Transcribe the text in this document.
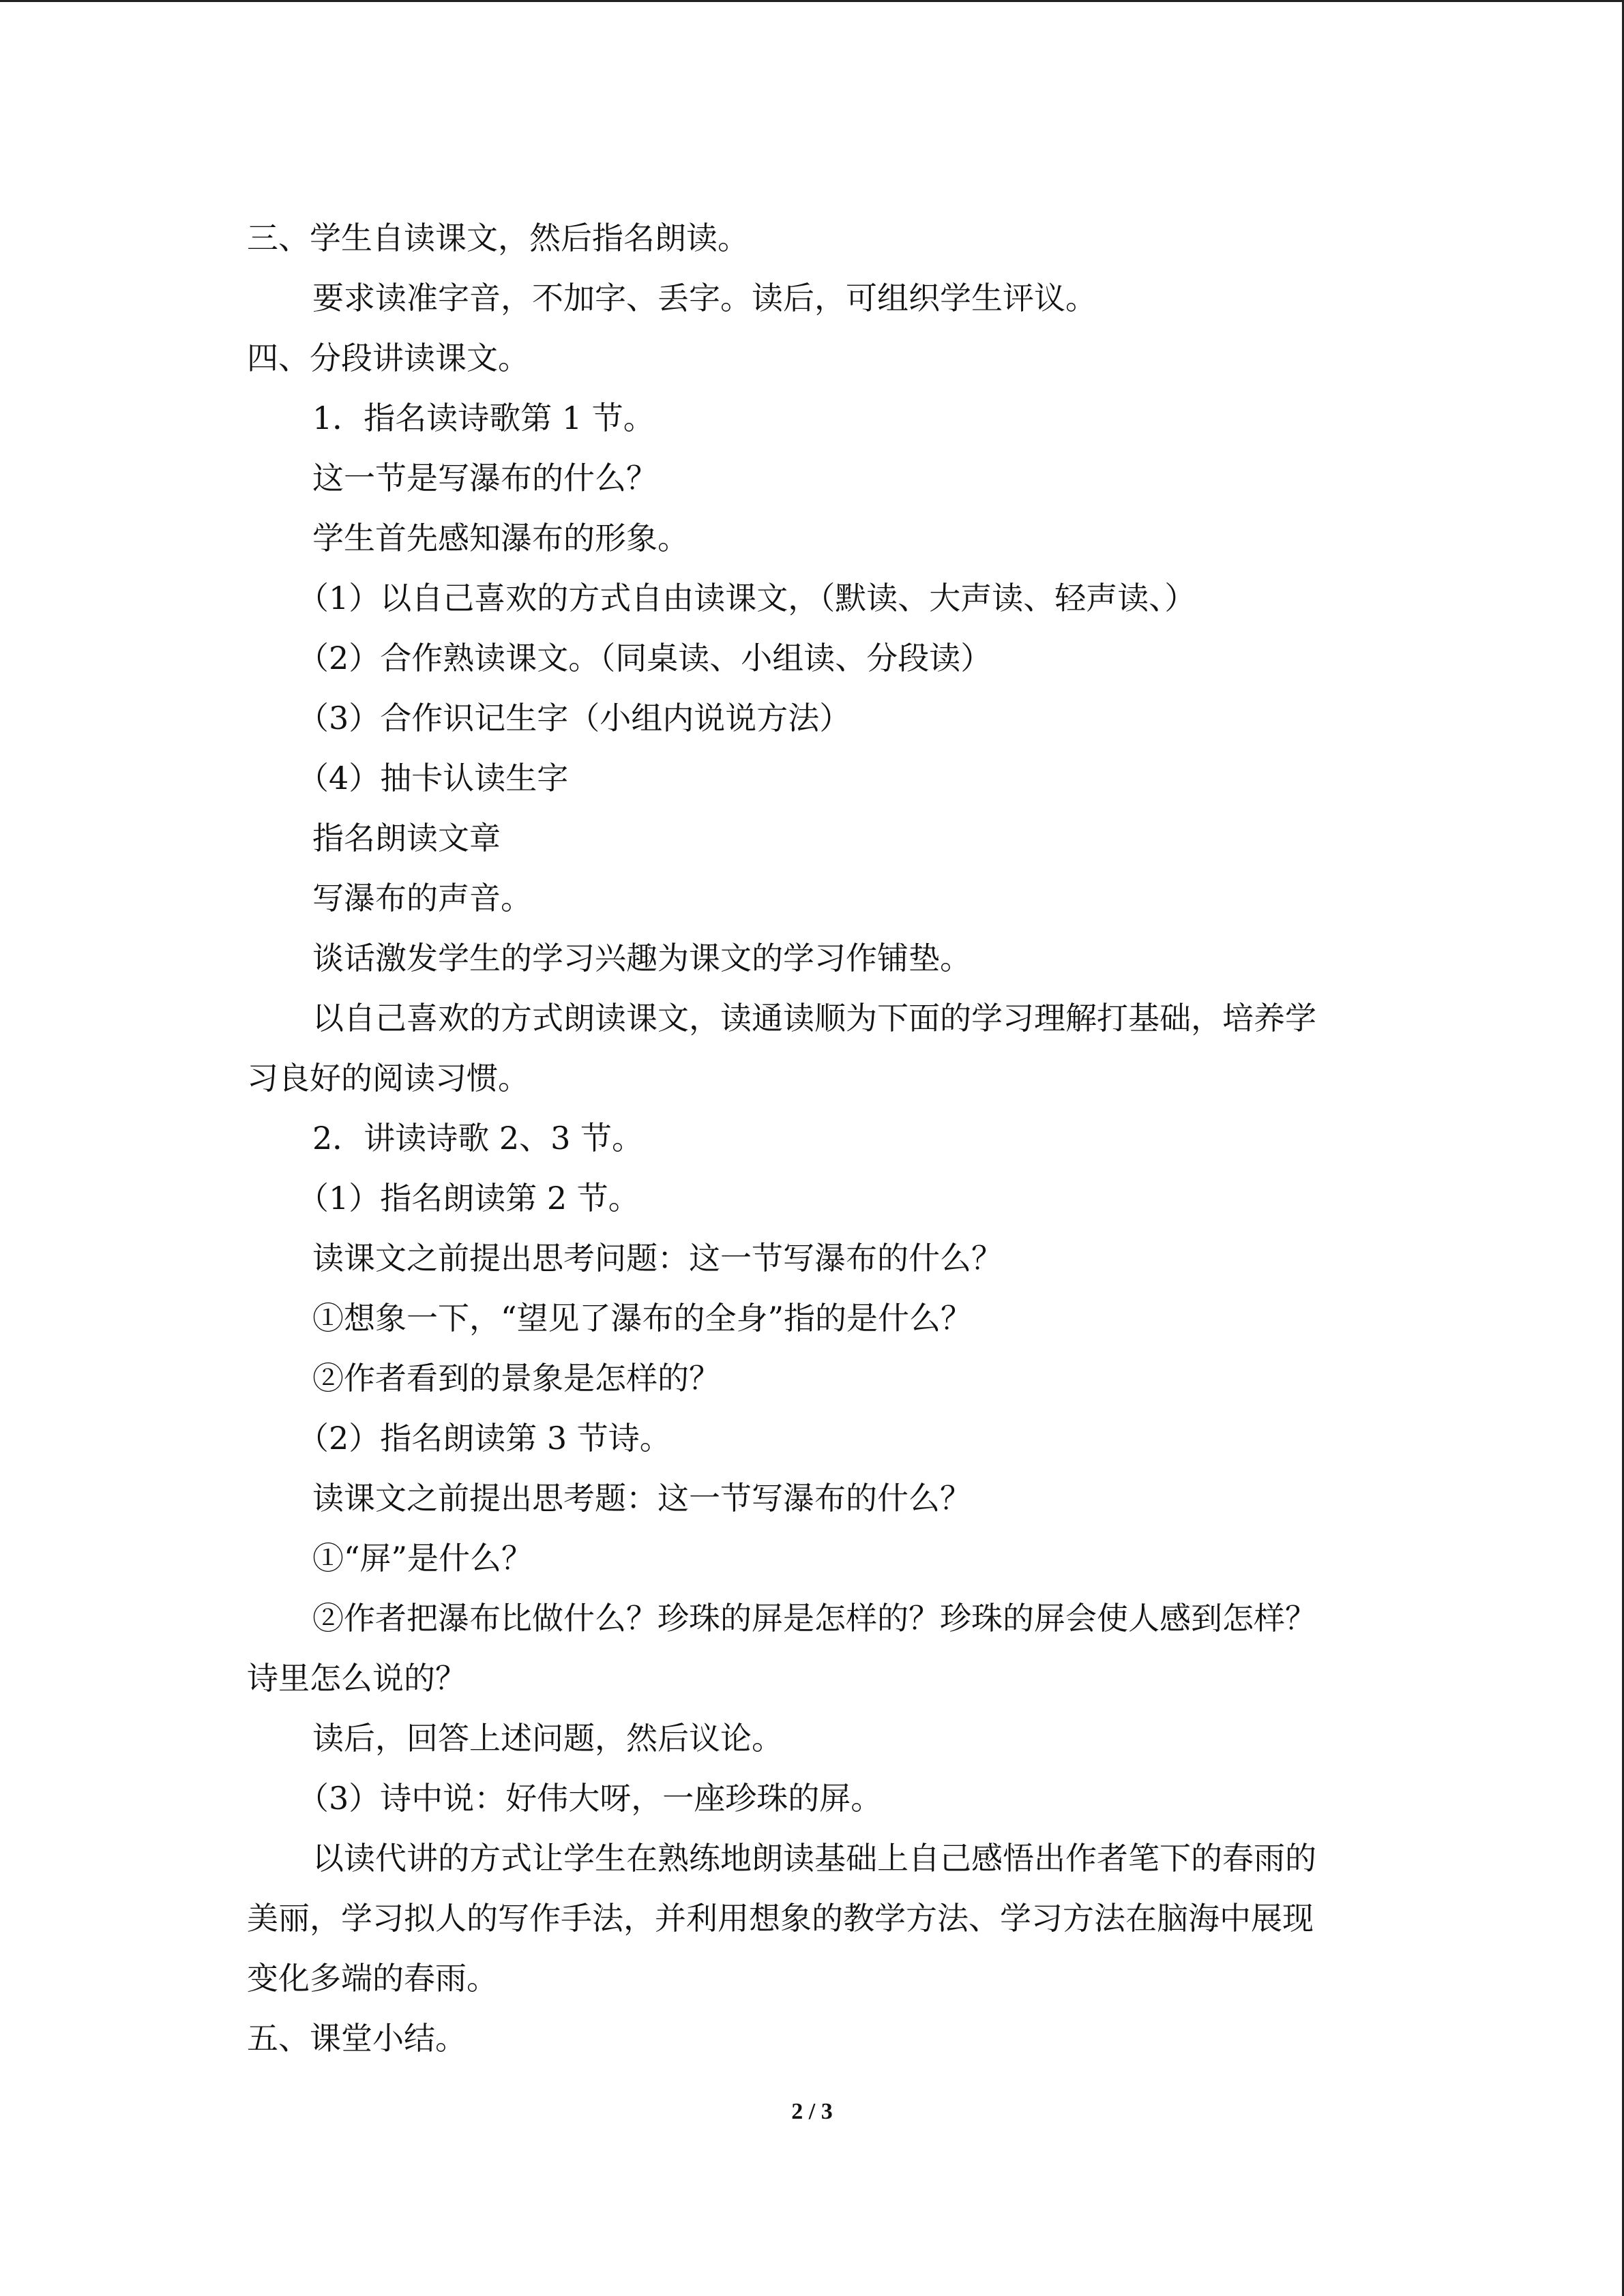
三、学生自读课文，然后指名朗读。
要求读准字音，不加字、丢字。读后，可组织学生评议。
四、分段讲读课文。
1．指名读诗歌第 1 节。
这一节是写瀑布的什么？
学生首先感知瀑布的形象。
（1）以自己喜欢的方式自由读课文，（默读、大声读、轻声读、）
（2）合作熟读课文。（同桌读、小组读、分段读）
（3）合作识记生字（小组内说说方法）
（4）抽卡认读生字
指名朗读文章
写瀑布的声音。
谈话激发学生的学习兴趣为课文的学习作铺垫。
以自己喜欢的方式朗读课文，读通读顺为下面的学习理解打基础，培养学
习良好的阅读习惯。
2．讲读诗歌 2、3 节。
（1）指名朗读第 2 节。
读课文之前提出思考问题：这一节写瀑布的什么？
①想象一下，“望见了瀑布的全身”指的是什么？
②作者看到的景象是怎样的？
（2）指名朗读第 3 节诗。
读课文之前提出思考题：这一节写瀑布的什么？
①“屏”是什么？
②作者把瀑布比做什么？珍珠的屏是怎样的？珍珠的屏会使人感到怎样？
诗里怎么说的？
读后，回答上述问题，然后议论。
（3）诗中说：好伟大呀，一座珍珠的屏。
以读代讲的方式让学生在熟练地朗读基础上自己感悟出作者笔下的春雨的
美丽，学习拟人的写作手法，并利用想象的教学方法、学习方法在脑海中展现
变化多端的春雨。
五、课堂小结。
2 / 3
